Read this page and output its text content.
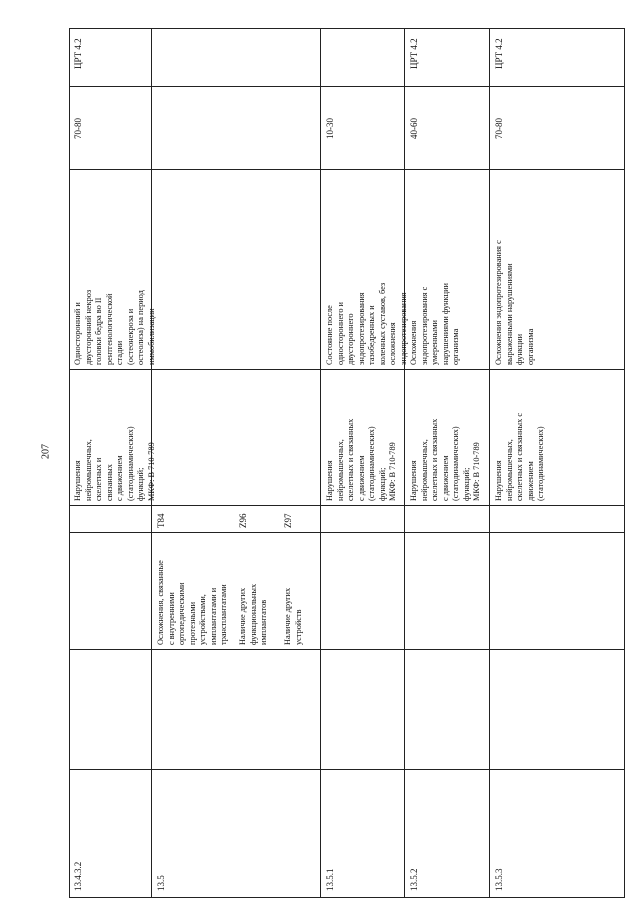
207
13.4.3.2
Нарушения
нейромышечных,
скелетных и связанных
с движением
(статодинамических)
функций;
МКФ: В 710-789
Односторонний и двусторонний некроз
головки бедра во II рентгенологической стадии
(остеонекроза и остеолиза) на период
иммобилизации
70-80
ЦРТ 4.2
13.5
Осложнения, связанные
с внутренними
ортопедическими
протезными
устройствами,
имплантатами и
трансплантатами
T84
Наличие других
функциональных
имплантатов
Z96
Наличие других
устройств
Z97
13.5.1
Нарушения
нейромышечных,
скелетных и связанных
с движением
(статодинамических)
функций;
МКФ: В 710-789
Состояние после одностороннего и
двустороннего эндопротезирования
тазобедренных и коленных суставов, без
осложнения эндопротезирования
10-30
13.5.2
Нарушения
нейромышечных,
скелетных и связанных
с движением
(статодинамических)
функций;
МКФ: В 710-789
Осложнения эндопротезирования с
умеренными нарушениями функции организма
40-60
ЦРТ 4.2
13.5.3
Нарушения
нейромышечных,
скелетных и связанных с
движением
(статодинамических)
Осложнения эндопротезирования с
выраженными нарушениями функции
организма
70-80
ЦРТ 4.2
